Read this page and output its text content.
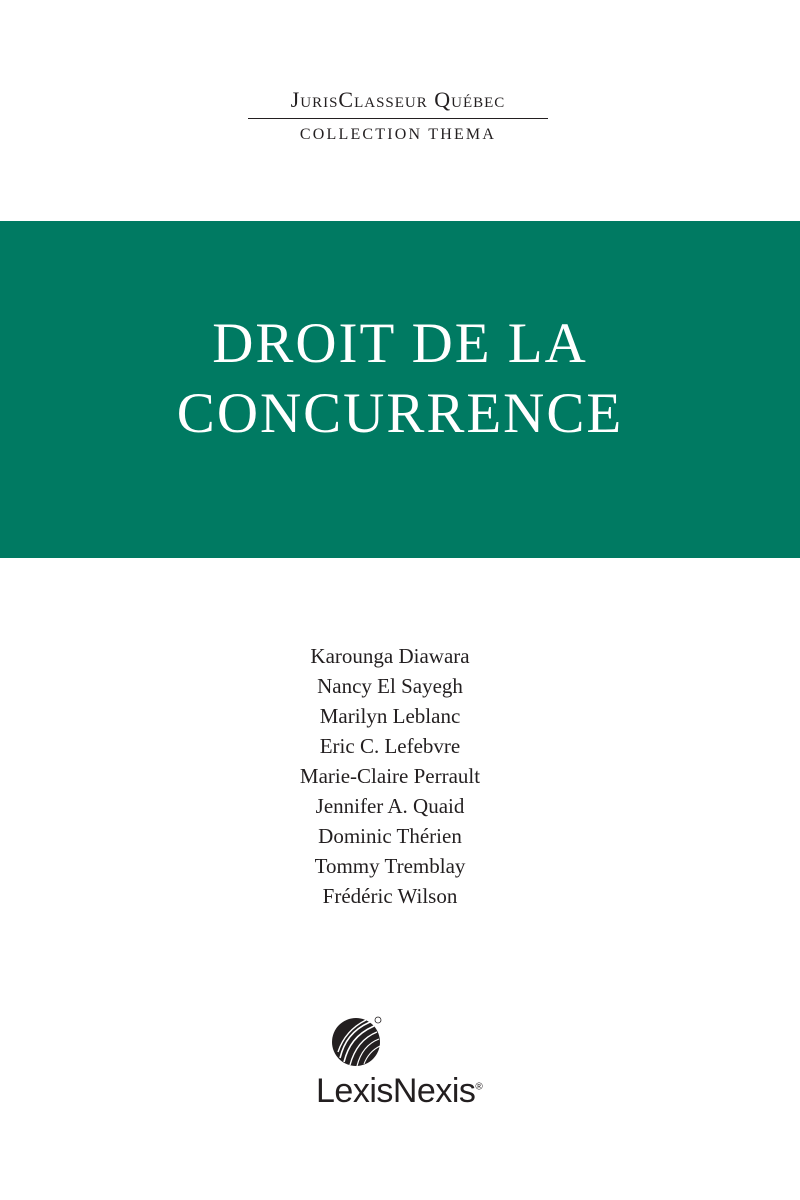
JurisClasseur Québec
COLLECTION THEMA
DROIT DE LA
CONCURRENCE
Karounga Diawara
Nancy El Sayegh
Marilyn Leblanc
Eric C. Lefebvre
Marie-Claire Perrault
Jennifer A. Quaid
Dominic Thérien
Tommy Tremblay
Frédéric Wilson
LexisNexis®
